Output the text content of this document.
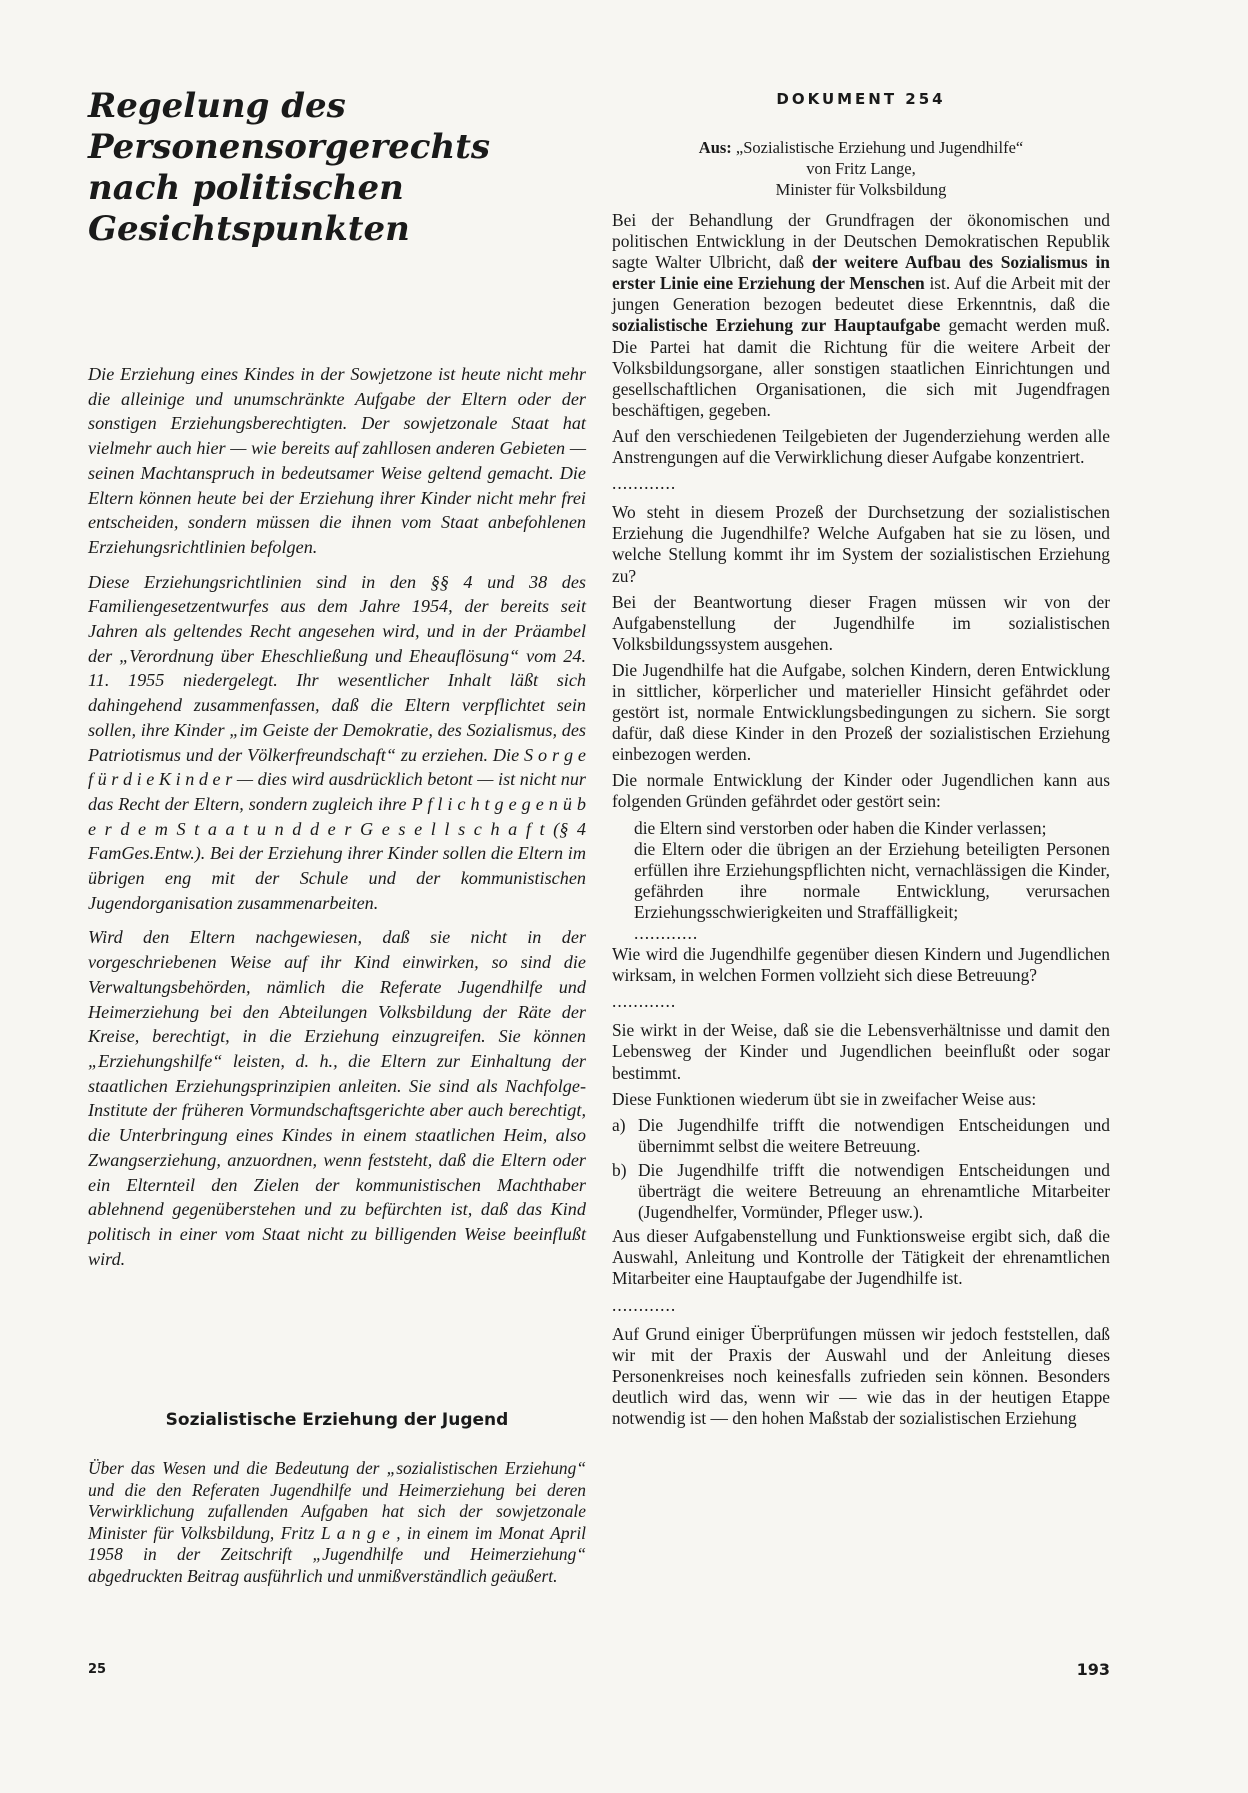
Regelung des Personensorgerechts nach politischen Gesichtspunkten

Die Erziehung eines Kindes in der Sowjetzone ist heute nicht mehr die alleinige und unumschränkte Aufgabe der Eltern oder der sonstigen Erziehungsberechtigten. Der sowjetzonale Staat hat vielmehr auch hier — wie bereits auf zahllosen anderen Gebieten — seinen Machtanspruch in bedeutsamer Weise geltend gemacht. Die Eltern können heute bei der Erziehung ihrer Kinder nicht mehr frei entscheiden, sondern müssen die ihnen vom Staat anbefohlenen Erziehungsrichtlinien befolgen.

Diese Erziehungsrichtlinien sind in den §§ 4 und 38 des Familiengesetzentwurfes aus dem Jahre 1954, der bereits seit Jahren als geltendes Recht angesehen wird, und in der Präambel der „Verordnung über Eheschließung und Eheauflösung“ vom 24. 11. 1955 niedergelegt. Ihr wesentlicher Inhalt läßt sich dahingehend zusammenfassen, daß die Eltern verpflichtet sein sollen, ihre Kinder „im Geiste der Demokratie, des Sozialismus, des Patriotismus und der Völkerfreundschaft“ zu erziehen. Die S o r g e f ü r d i e K i n d e r — dies wird ausdrücklich betont — ist nicht nur das Recht der Eltern, sondern zugleich ihre P f l i c h t g e g e n ü b e r d e m S t a a t u n d d e r G e s e l l s c h a f t (§ 4 FamGes.Entw.). Bei der Erziehung ihrer Kinder sollen die Eltern im übrigen eng mit der Schule und der kommunistischen Jugendorganisation zusammenarbeiten.

Wird den Eltern nachgewiesen, daß sie nicht in der vorgeschriebenen Weise auf ihr Kind einwirken, so sind die Verwaltungsbehörden, nämlich die Referate Jugendhilfe und Heimerziehung bei den Abteilungen Volksbildung der Räte der Kreise, berechtigt, in die Erziehung einzugreifen. Sie können „Erziehungshilfe“ leisten, d. h., die Eltern zur Einhaltung der staatlichen Erziehungsprinzipien anleiten. Sie sind als Nachfolge-Institute der früheren Vormundschaftsgerichte aber auch berechtigt, die Unterbringung eines Kindes in einem staatlichen Heim, also Zwangserziehung, anzuordnen, wenn feststeht, daß die Eltern oder ein Elternteil den Zielen der kommunistischen Machthaber ablehnend gegenüberstehen und zu befürchten ist, daß das Kind politisch in einer vom Staat nicht zu billigenden Weise beeinflußt wird.

Sozialistische Erziehung der Jugend

Über das Wesen und die Bedeutung der „sozialistischen Erziehung“ und die den Referaten Jugendhilfe und Heimerziehung bei deren Verwirklichung zufallenden Aufgaben hat sich der sowjetzonale Minister für Volksbildung, Fritz L a n g e , in einem im Monat April 1958 in der Zeitschrift „Jugendhilfe und Heimerziehung“ abgedruckten Beitrag ausführlich und unmißverständlich geäußert.

25
DOKUMENT 254
Aus: „Sozialistische Erziehung und Jugendhilfe“
von Fritz Lange,
Minister für Volksbildung

Bei der Behandlung der Grundfragen der ökonomischen und politischen Entwicklung in der Deutschen Demokratischen Republik sagte Walter Ulbricht, daß der weitere Aufbau des Sozialismus in erster Linie eine Erziehung der Menschen ist. Auf die Arbeit mit der jungen Generation bezogen bedeutet diese Erkenntnis, daß die sozialistische Erziehung zur Hauptaufgabe gemacht werden muß. Die Partei hat damit die Richtung für die weitere Arbeit der Volksbildungsorgane, aller sonstigen staatlichen Einrichtungen und gesellschaftlichen Organisationen, die sich mit Jugendfragen beschäftigen, gegeben.

Auf den verschiedenen Teilgebieten der Jugenderziehung werden alle Anstrengungen auf die Verwirklichung dieser Aufgabe konzentriert.

............

Wo steht in diesem Prozeß der Durchsetzung der sozialistischen Erziehung die Jugendhilfe? Welche Aufgaben hat sie zu lösen, und welche Stellung kommt ihr im System der sozialistischen Erziehung zu?

Bei der Beantwortung dieser Fragen müssen wir von der Aufgabenstellung der Jugendhilfe im sozialistischen Volksbildungssystem ausgehen.

Die Jugendhilfe hat die Aufgabe, solchen Kindern, deren Entwicklung in sittlicher, körperlicher und materieller Hinsicht gefährdet oder gestört ist, normale Entwicklungsbedingungen zu sichern. Sie sorgt dafür, daß diese Kinder in den Prozeß der sozialistischen Erziehung einbezogen werden.

Die normale Entwicklung der Kinder oder Jugendlichen kann aus folgenden Gründen gefährdet oder gestört sein:

die Eltern sind verstorben oder haben die Kinder verlassen;

die Eltern oder die übrigen an der Erziehung beteiligten Personen erfüllen ihre Erziehungspflichten nicht, vernachlässigen die Kinder, gefährden ihre normale Entwicklung, verursachen Erziehungsschwierigkeiten und Straffälligkeit;

............

Wie wird die Jugendhilfe gegenüber diesen Kindern und Jugendlichen wirksam, in welchen Formen vollzieht sich diese Betreuung?

............

Sie wirkt in der Weise, daß sie die Lebensverhältnisse und damit den Lebensweg der Kinder und Jugendlichen beeinflußt oder sogar bestimmt.

Diese Funktionen wiederum übt sie in zweifacher Weise aus:

a) Die Jugendhilfe trifft die notwendigen Entscheidungen und übernimmt selbst die weitere Betreuung.
b) Die Jugendhilfe trifft die notwendigen Entscheidungen und überträgt die weitere Betreuung an ehrenamtliche Mitarbeiter (Jugendhelfer, Vormünder, Pfleger usw.).

Aus dieser Aufgabenstellung und Funktionsweise ergibt sich, daß die Auswahl, Anleitung und Kontrolle der Tätigkeit der ehrenamtlichen Mitarbeiter eine Hauptaufgabe der Jugendhilfe ist.

............

Auf Grund einiger Überprüfungen müssen wir jedoch feststellen, daß wir mit der Praxis der Auswahl und der Anleitung dieses Personenkreises noch keinesfalls zufrieden sein können. Besonders deutlich wird das, wenn wir — wie das in der heutigen Etappe notwendig ist — den hohen Maßstab der sozialistischen Erziehung

193
